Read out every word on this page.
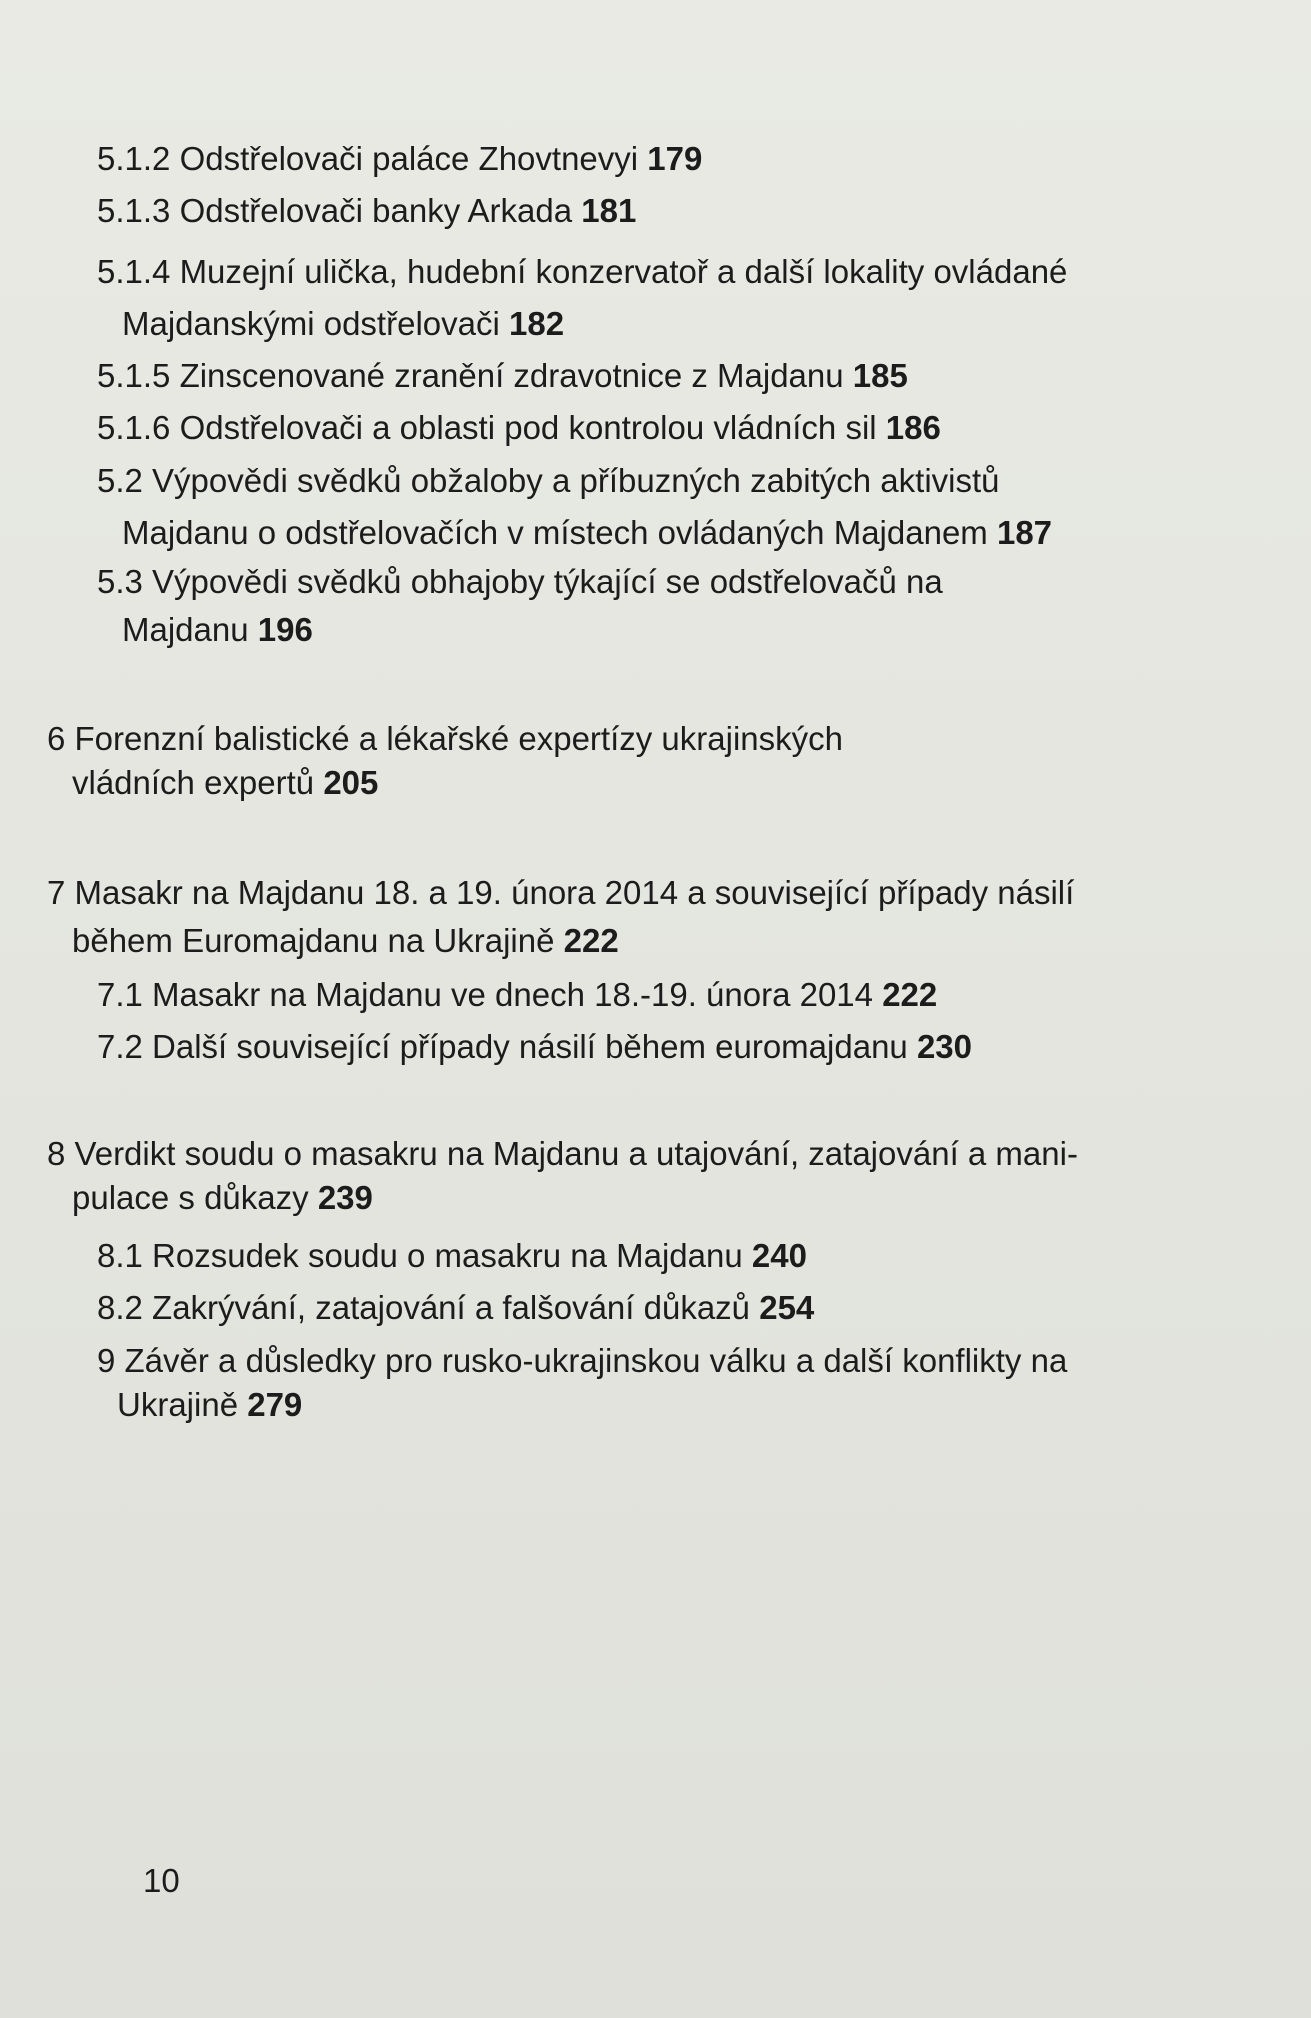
5.1.2 Odstřelovači paláce Zhovtnevyi 179
5.1.3 Odstřelovači banky Arkada 181
5.1.4 Muzejní ulička, hudební konzervatoř a další lokality ovládané
Majdanskými odstřelovači 182
5.1.5 Zinscenované zranění zdravotnice z Majdanu 185
5.1.6 Odstřelovači a oblasti pod kontrolou vládních sil 186
5.2 Výpovědi svědků obžaloby a příbuzných zabitých aktivistů
Majdanu o odstřelovačích v místech ovládaných Majdanem 187
5.3 Výpovědi svědků obhajoby týkající se odstřelovačů na
Majdanu 196
6 Forenzní balistické a lékařské expertízy ukrajinských
vládních expertů 205
7 Masakr na Majdanu 18. a 19. února 2014 a související případy násilí
během Euromajdanu na Ukrajině 222
7.1 Masakr na Majdanu ve dnech 18.-19. února 2014 222
7.2 Další související případy násilí během euromajdanu 230
8 Verdikt soudu o masakru na Majdanu a utajování, zatajování a mani-
pulace s důkazy 239
8.1 Rozsudek soudu o masakru na Majdanu 240
8.2 Zakrývání, zatajování a falšování důkazů 254
9 Závěr a důsledky pro rusko-ukrajinskou válku a další konflikty na
Ukrajině 279
10
